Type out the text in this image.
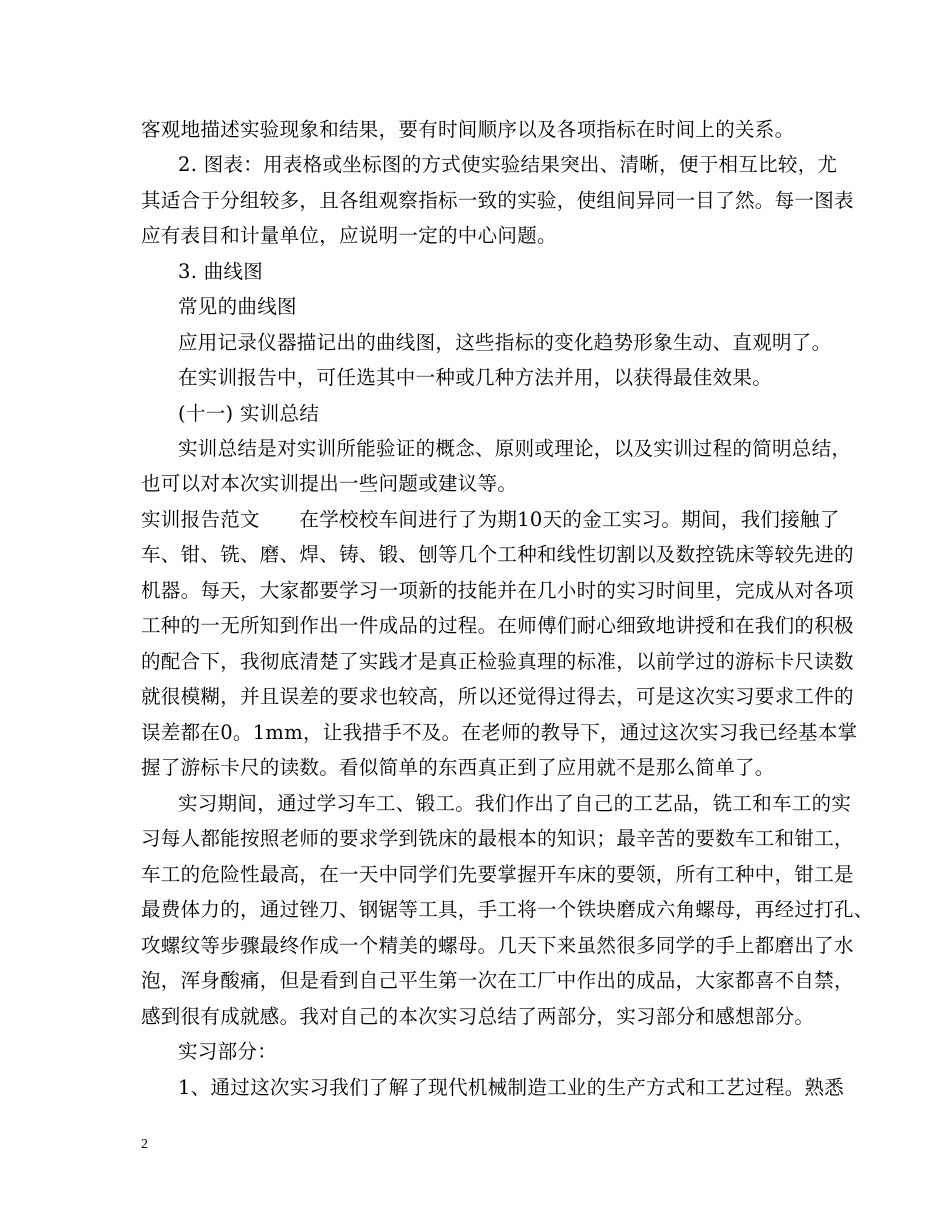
客观地描述实验现象和结果，要有时间顺序以及各项指标在时间上的关系。
2. 图表：用表格或坐标图的方式使实验结果突出、清晰，便于相互比较，尤
其适合于分组较多，且各组观察指标一致的实验，使组间异同一目了然。每一图表
应有表目和计量单位，应说明一定的中心问题。
3. 曲线图
常见的曲线图
应用记录仪器描记出的曲线图，这些指标的变化趋势形象生动、直观明了。
在实训报告中，可任选其中一种或几种方法并用，以获得最佳效果。
(十一) 实训总结
实训总结是对实训所能验证的概念、原则或理论，以及实训过程的简明总结，
也可以对本次实训提出一些问题或建议等。
实训报告范文　　在学校校车间进行了为期10天的金工实习。期间，我们接触了
车、钳、铣、磨、焊、铸、锻、刨等几个工种和线性切割以及数控铣床等较先进的
机器。每天，大家都要学习一项新的技能并在几小时的实习时间里，完成从对各项
工种的一无所知到作出一件成品的过程。在师傅们耐心细致地讲授和在我们的积极
的配合下，我彻底清楚了实践才是真正检验真理的标准，以前学过的游标卡尺读数
就很模糊，并且误差的要求也较高，所以还觉得过得去，可是这次实习要求工件的
误差都在0。1mm，让我措手不及。在老师的教导下，通过这次实习我已经基本掌
握了游标卡尺的读数。看似简单的东西真正到了应用就不是那么简单了。
实习期间，通过学习车工、锻工。我们作出了自己的工艺品，铣工和车工的实
习每人都能按照老师的要求学到铣床的最根本的知识；最辛苦的要数车工和钳工，
车工的危险性最高，在一天中同学们先要掌握开车床的要领，所有工种中，钳工是
最费体力的，通过锉刀、钢锯等工具，手工将一个铁块磨成六角螺母，再经过打孔、
攻螺纹等步骤最终作成一个精美的螺母。几天下来虽然很多同学的手上都磨出了水
泡，浑身酸痛，但是看到自己平生第一次在工厂中作出的成品，大家都喜不自禁，
感到很有成就感。我对自己的本次实习总结了两部分，实习部分和感想部分。
实习部分：
1、通过这次实习我们了解了现代机械制造工业的生产方式和工艺过程。熟悉
2
